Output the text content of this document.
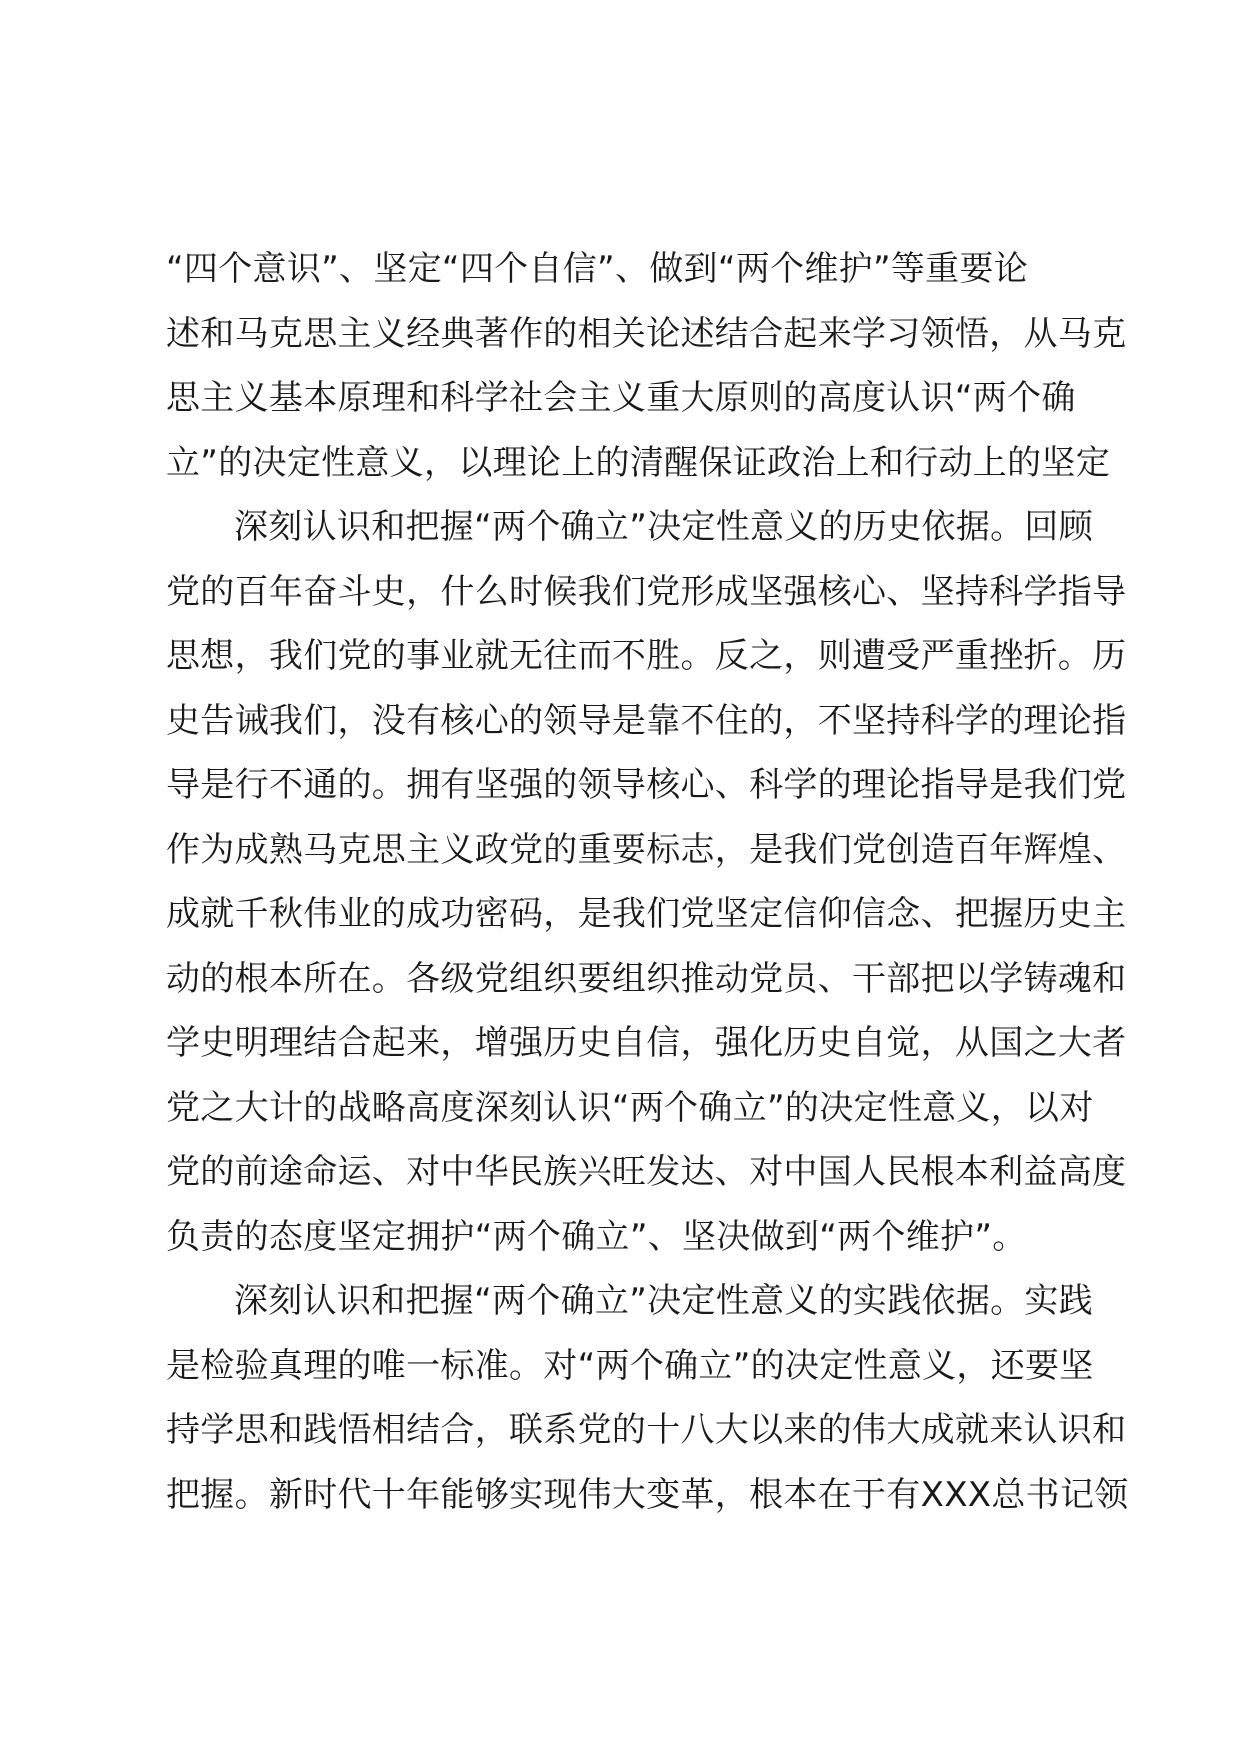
“四个意识”、坚定“四个自信”、做到“两个维护”等重要论
述和马克思主义经典著作的相关论述结合起来学习领悟，从马克
思主义基本原理和科学社会主义重大原则的高度认识“两个确
立”的决定性意义，以理论上的清醒保证政治上和行动上的坚定

深刻认识和把握“两个确立”决定性意义的历史依据。回顾
党的百年奋斗史，什么时候我们党形成坚强核心、坚持科学指导
思想，我们党的事业就无往而不胜。反之，则遭受严重挫折。历
史告诫我们，没有核心的领导是靠不住的，不坚持科学的理论指
导是行不通的。拥有坚强的领导核心、科学的理论指导是我们党
作为成熟马克思主义政党的重要标志，是我们党创造百年辉煌、
成就千秋伟业的成功密码，是我们党坚定信仰信念、把握历史主
动的根本所在。各级党组织要组织推动党员、干部把以学铸魂和
学史明理结合起来，增强历史自信，强化历史自觉，从国之大者
党之大计的战略高度深刻认识“两个确立”的决定性意义，以对
党的前途命运、对中华民族兴旺发达、对中国人民根本利益高度
负责的态度坚定拥护“两个确立”、坚决做到“两个维护”。

深刻认识和把握“两个确立”决定性意义的实践依据。实践
是检验真理的唯一标准。对“两个确立”的决定性意义，还要坚
持学思和践悟相结合，联系党的十八大以来的伟大成就来认识和
把握。新时代十年能够实现伟大变革，根本在于有XXX总书记领
